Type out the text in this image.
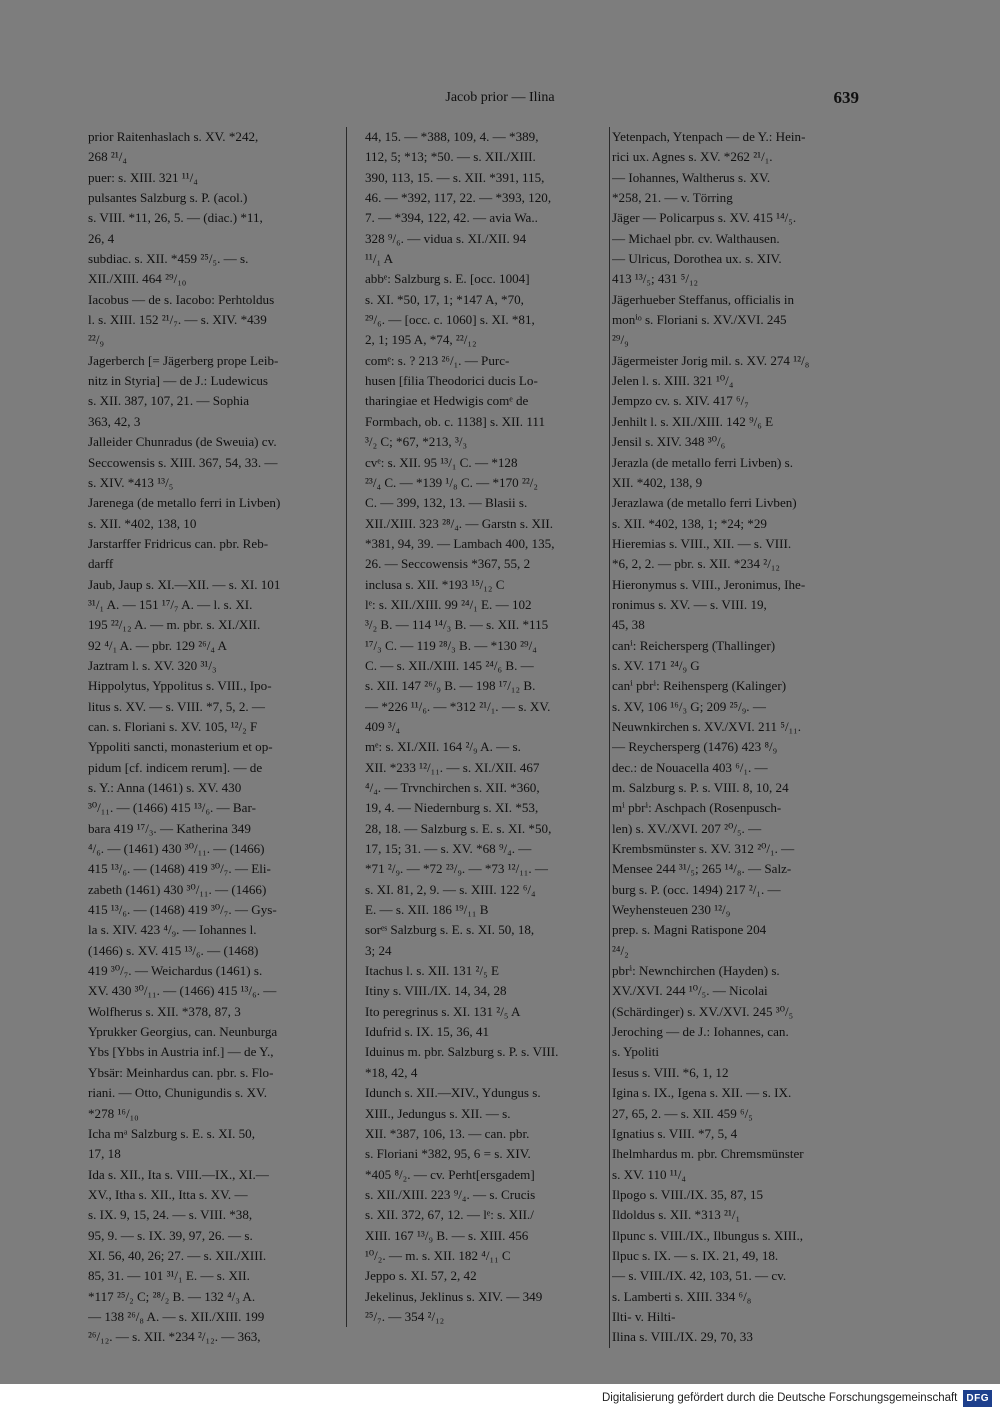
Jacob prior — Ilina	639
prior Raitenhaslach s. XV. *242,
268 ²¹/₄
puer: s. XIII. 321 ¹¹/₄
pulsantes Salzburg s. P. (acol.)
s. VIII. *11, 26, 5. — (diac.) *11,
26, 4
subdiac. s. XII. *459 ²⁵/₅. — s.
XII./XIII. 464 ²⁹/₁₀
Iacobus — de s. Iacobo: Perhtoldus
l. s. XIII. 152 ²¹/₇. — s. XIV. *439
²²/₉
Jagerberch [= Jägerberg prope Leib-
nitz in Styria] — de J.: Ludewicus
s. XII. 387, 107, 21. — Sophia
363, 42, 3
Jalleider Chunradus (de Sweuia) cv.
Seccowensis s. XIII. 367, 54, 33. —
s. XIV. *413 ¹³/₅
Jarenega (de metallo ferri in Livben)
s. XII. *402, 138, 10
Jarstarffer Fridricus can. pbr. Reb-
darff
Jaub, Jaup s. XI.—XII. — s. XI. 101
³¹/₁ A. — 151 ¹⁷/₇ A. — l. s. XI.
195 ²²/₁₂ A. — m. pbr. s. XI./XII.
92 ⁴/₁ A. — pbr. 129 ²⁶/₄ A
Jaztram l. s. XV. 320 ³¹/₃
Hippolytus, Yppolitus s. VIII., Ipo-
litus s. XV. — s. VIII. *7, 5, 2. —
can. s. Floriani s. XV. 105, ¹²/₂ F
Yppoliti sancti, monasterium et op-
pidum [cf. indicem rerum]. — de
s. Y.: Anna (1461) s. XV. 430
³⁰/₁₁. — (1466) 415 ¹³/₆. — Bar-
bara 419 ¹⁷/₃. — Katherina 349
⁴/₆. — (1461) 430 ³⁰/₁₁. — (1466)
415 ¹³/₆. — (1468) 419 ³⁰/₇. — Eli-
zabeth (1461) 430 ³⁰/₁₁. — (1466)
415 ¹³/₆. — (1468) 419 ³⁰/₇. — Gys-
la s. XIV. 423 ⁴/₉. — Iohannes l.
(1466) s. XV. 415 ¹³/₆. — (1468)
419 ³⁰/₇. — Weichardus (1461) s.
XV. 430 ³⁰/₁₁. — (1466) 415 ¹³/₆. —
Wolfherus s. XII. *378, 87, 3
Yprukker Georgius, can. Neunburga
Ybs [Ybbs in Austria inf.] — de Y.,
Ybsär: Meinhardus can. pbr. s. Flo-
riani. — Otto, Chunigundis s. XV.
*278 ¹⁶/₁₀
Icha mᵃ Salzburg s. E. s. XI. 50,
17, 18
Ida s. XII., Ita s. VIII.—IX., XI.—
XV., Itha s. XII., Itta s. XV. —
s. IX. 9, 15, 24. — s. VIII. *38,
95, 9. — s. IX. 39, 97, 26. — s.
XI. 56, 40, 26; 27. — s. XII./XIII.
85, 31. — 101 ³¹/₁ E. — s. XII.
*117 ²⁵/₂ C; ²⁸/₂ B. — 132 ⁴/₃ A.
— 138 ²⁶/₈ A. — s. XII./XIII. 199
²⁶/₁₂. — s. XII. *234 ²/₁₂. — 363,
44, 15. — *388, 109, 4. — *389,
112, 5; *13; *50. — s. XII./XIII.
390, 113, 15. — s. XII. *391, 115,
46. — *392, 117, 22. — *393, 120,
7. — *394, 122, 42. — avia Wa..
328 ⁹/₆. — vidua s. XI./XII. 94
¹¹/₁ A
abbᵉ: Salzburg s. E. [occ. 1004]
s. XI. *50, 17, 1; *147 A, *70,
²⁹/₆. — [occ. c. 1060] s. XI. *81,
2, 1; 195 A, *74, ²²/₁₂
comᵉ: s. ? 213 ²⁶/₁. — Purc-
husen [filia Theodorici ducis Lo-
tharingiae et Hedwigis comᵉ de
Formbach, ob. c. 1138] s. XII. 111
³/₂ C; *67, *213, ³/₃
cvᵉ: s. XII. 95 ¹³/₁ C. — *128
²³/₄ C. — *139 ¹/₈ C. — *170 ²²/₂
C. — 399, 132, 13. — Blasii s.
XII./XIII. 323 ²⁸/₄. — Garstn s. XII.
*381, 94, 39. — Lambach 400, 135,
26. — Seccowensis *367, 55, 2
inclusa s. XII. *193 ¹⁵/₁₂ C
lᵉ: s. XII./XIII. 99 ²⁴/₁ E. — 102
³/₂ B. — 114 ¹⁴/₃ B. — s. XII. *115
¹⁷/₃ C. — 119 ²⁸/₃ B. — *130 ²⁹/₄
C. — s. XII./XIII. 145 ²⁴/₆ B. —
s. XII. 147 ²⁶/₉ B. — 198 ¹⁷/₁₂ B.
— *226 ¹¹/₆. — *312 ²¹/₁. — s. XV.
409 ³/₄
mᵉ: s. XI./XII. 164 ²/₉ A. — s.
XII. *233 ¹²/₁₁. — s. XI./XII. 467
⁴/₄. — Trvnchirchen s. XII. *360,
19, 4. — Niedernburg s. XI. *53,
28, 18. — Salzburg s. E. s. XI. *50,
17, 15; 31. — s. XV. *68 ⁹/₄. —
*71 ²/₉. — *72 ²³/₉. — *73 ¹²/₁₁. —
s. XI. 81, 2, 9. — s. XIII. 122 ⁶/₄
E. — s. XII. 186 ¹⁹/₁₁ B
sorᵉˢ Salzburg s. E. s. XI. 50, 18,
3; 24
Itachus l. s. XII. 131 ²/₅ E
Itiny s. VIII./IX. 14, 34, 28
Ito peregrinus s. XI. 131 ²/₅ A
Idufrid s. IX. 15, 36, 41
Iduinus m. pbr. Salzburg s. P. s. VIII.
*18, 42, 4
Idunch s. XII.—XIV., Ydungus s.
XIII., Jedungus s. XII. — s.
XII. *387, 106, 13. — can. pbr.
s. Floriani *382, 95, 6 = s. XIV.
*405 ⁸/₂. — cv. Perht[ersgadem]
s. XII./XIII. 223 ⁹/₄. — s. Crucis
s. XII. 372, 67, 12. — lᵉ: s. XII./
XIII. 167 ¹³/₉ B. — s. XIII. 456
¹⁰/₂. — m. s. XII. 182 ⁴/₁₁ C
Jeppo s. XI. 57, 2, 42
Jekelinus, Jeklinus s. XIV. — 349
²⁵/₇. — 354 ²/₁₂
Yetenpach, Ytenpach — de Y.: Hein-
rici ux. Agnes s. XV. *262 ²¹/₁.
— Iohannes, Waltherus s. XV.
*258, 21. — v. Törring
Jäger — Policarpus s. XV. 415 ¹⁴/₅.
— Michael pbr. cv. Walthausen.
— Ulricus, Dorothea ux. s. XIV.
413 ¹³/₅; 431 ⁵/₁₂
Jägerhueber Steffanus, officialis in
monⁱᵒ s. Floriani s. XV./XVI. 245
²⁹/₉
Jägermeister Jorig mil. s. XV. 274 ¹²/₈
Jelen l. s. XIII. 321 ¹⁰/₄
Jempzo cv. s. XIV. 417 ⁶/₇
Jenhilt l. s. XII./XIII. 142 ⁹/₆ E
Jensil s. XIV. 348 ³⁰/₆
Jerazla (de metallo ferri Livben) s.
XII. *402, 138, 9
Jerazlawa (de metallo ferri Livben)
s. XII. *402, 138, 1; *24; *29
Hieremias s. VIII., XII. — s. VIII.
*6, 2, 2. — pbr. s. XII. *234 ²/₁₂
Hieronymus s. VIII., Jeronimus, Ihe-
ronimus s. XV. — s. VIII. 19,
45, 38
canⁱ: Reichersperg (Thallinger)
s. XV. 171 ²⁴/₉ G
canⁱ pbrⁱ: Reihensperg (Kalinger)
s. XV, 106 ¹⁶/₃ G; 209 ²⁵/₉. —
Neuwnkirchen s. XV./XVI. 211 ⁵/₁₁.
— Reychersperg (1476) 423 ⁸/₉
dec.: de Nouacella 403 ⁶/₁. —
m. Salzburg s. P. s. VIII. 8, 10, 24
mⁱ pbrⁱ: Aschpach (Rosenpusch-
len) s. XV./XVI. 207 ²⁰/₅. —
Krembsmünster s. XV. 312 ²⁰/₁. —
Mensee 244 ³¹/₅; 265 ¹⁴/₈. — Salz-
burg s. P. (occ. 1494) 217 ²/₁. —
Weyhensteuen 230 ¹²/₉
prep. s. Magni Ratispone 204
²⁴/₂
pbrⁱ: Newnchirchen (Hayden) s.
XV./XVI. 244 ¹⁰/₅. — Nicolai
(Schärdinger) s. XV./XVI. 245 ³⁰/₅
Jeroching — de J.: Iohannes, can.
s. Ypoliti
Iesus s. VIII. *6, 1, 12
Igina s. IX., Igena s. XII. — s. IX.
27, 65, 2. — s. XII. 459 ⁶/₅
Ignatius s. VIII. *7, 5, 4
Ihelmhardus m. pbr. Chremsmünster
s. XV. 110 ¹¹/₄
Ilpogo s. VIII./IX. 35, 87, 15
Ildoldus s. XII. *313 ²¹/₁
Ilpunc s. VIII./IX., Ilbungus s. XIII.,
Ilpuc s. IX. — s. IX. 21, 49, 18.
— s. VIII./IX. 42, 103, 51. — cv.
s. Lamberti s. XIII. 334 ⁶/₈
Ilti- v. Hilti-
Ilina s. VIII./IX. 29, 70, 33
Digitalisierung gefördert durch die Deutsche Forschungsgemeinschaft DFG
